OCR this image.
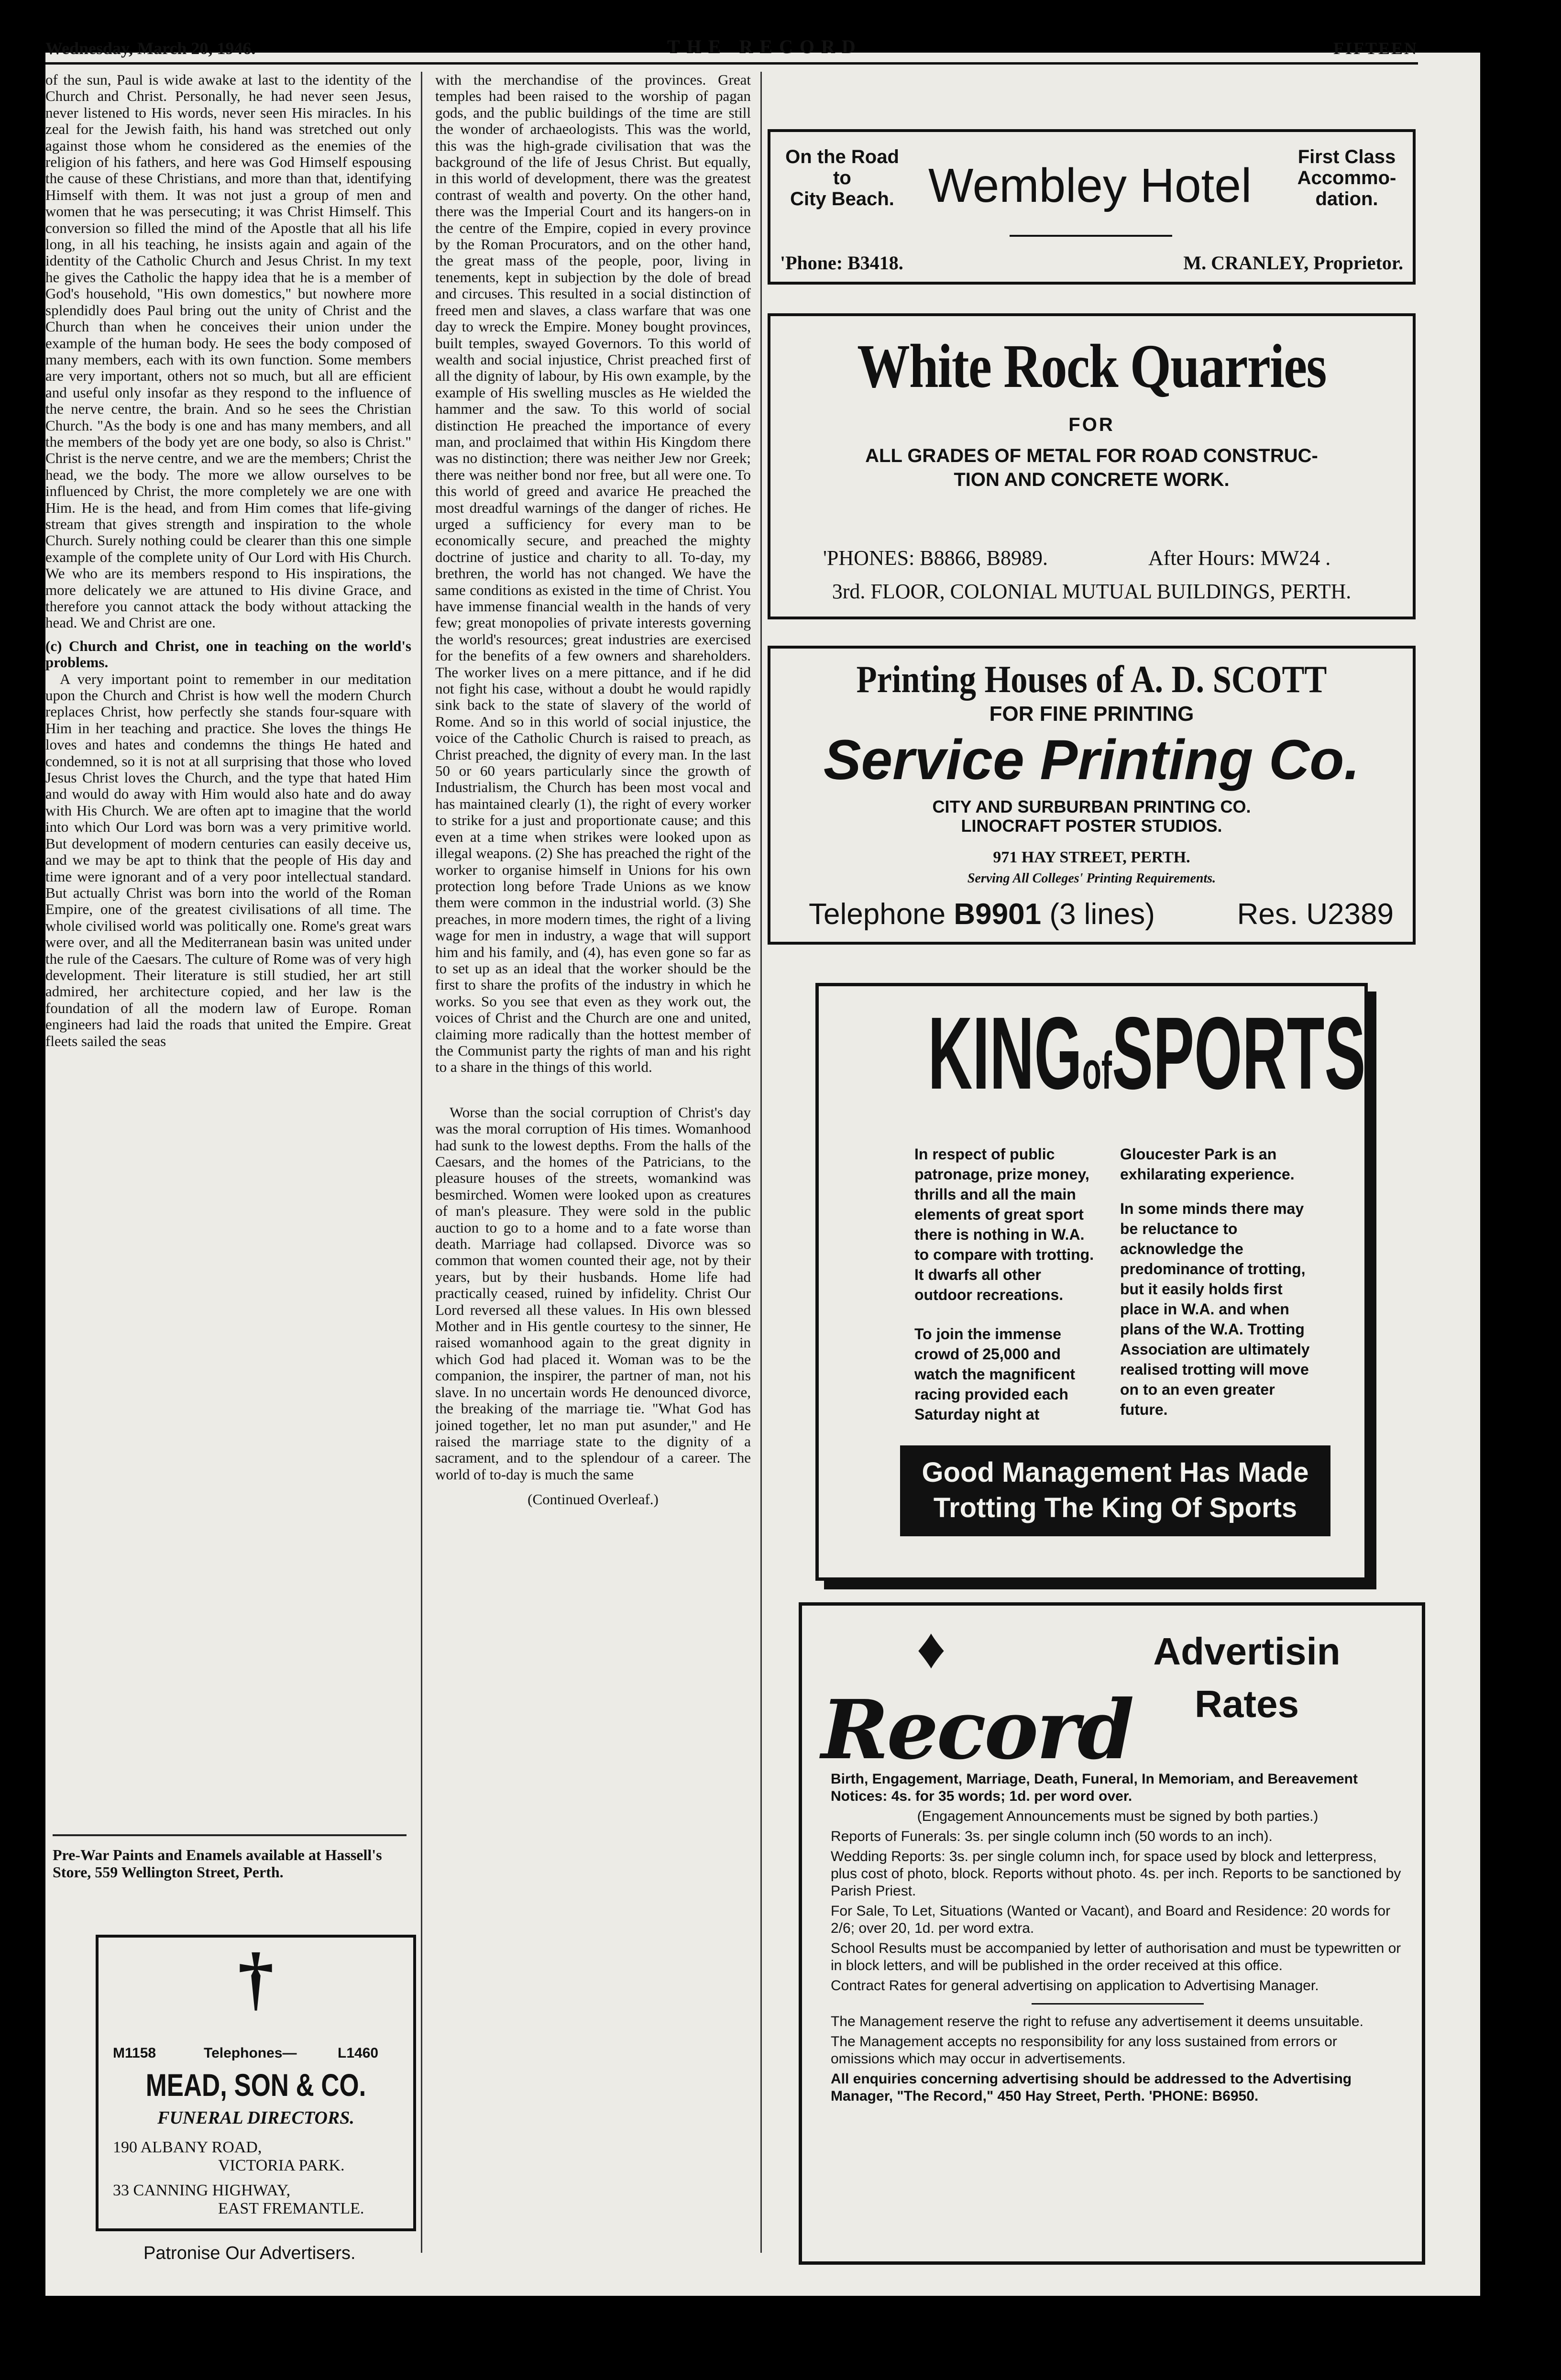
Wednesday, March 20, 1946.	THE RECORD	FIFTEEN

of the sun, Paul is wide awake at last to the identity of the Church and Christ. Personally, he had never seen Jesus, never listened to His words, never seen His miracles. In his zeal for the Jewish faith, his hand was stretched out only against those whom he considered as the enemies of the religion of his fathers, and here was God Himself espousing the cause of these Christians, and more than that, identifying Himself with them. It was not just a group of men and women that he was persecuting; it was Christ Himself. This conversion so filled the mind of the Apostle that all his life long, in all his teaching, he insists again and again of the identity of the Catholic Church and Jesus Christ. In my text he gives the Catholic the happy idea that he is a member of God's household, "His own domestics," but nowhere more splendidly does Paul bring out the unity of Christ and the Church than when he conceives their union under the example of the human body. He sees the body composed of many members, each with its own function. Some members are very important, others not so much, but all are efficient and useful only insofar as they respond to the influence of the nerve centre, the brain. And so he sees the Christian Church. "As the body is one and has many members, and all the members of the body yet are one body, so also is Christ." Christ is the nerve centre, and we are the members; Christ the head, we the body. The more we allow ourselves to be influenced by Christ, the more completely we are one with Him. He is the head, and from Him comes that life-giving stream that gives strength and inspiration to the whole Church. Surely nothing could be clearer than this one simple example of the complete unity of Our Lord with His Church. We who are its members respond to His inspirations, the more delicately we are attuned to His divine Grace, and therefore you cannot attack the body without attacking the head. We and Christ are one.

(c) Church and Christ, one in teaching on the world's problems.

A very important point to remember in our meditation upon the Church and Christ is how well the modern Church replaces Christ, how perfectly she stands four-square with Him in her teaching and practice. She loves the things He loves and hates and condemns the things He hated and condemned, so it is not at all surprising that those who loved Jesus Christ loves the Church, and the type that hated Him and would do away with Him would also hate and do away with His Church. We are often apt to imagine that the world into which Our Lord was born was a very primitive world. But development of modern centuries can easily deceive us, and we may be apt to think that the people of His day and time were ignorant and of a very poor intellectual standard. But actually Christ was born into the world of the Roman Empire, one of the greatest civilisations of all time. The whole civilised world was politically one. Rome's great wars were over, and all the Mediterranean basin was united under the rule of the Caesars. The culture of Rome was of very high development. Their literature is still studied, her art still admired, her architecture copied, and her law is the foundation of all the modern law of Europe. Roman engineers had laid the roads that united the Empire. Great fleets sailed the seas

Pre-War Paints and Enamels available at Hassell's Store, 559 Wellington Street, Perth.
†
M1158	Telephones—	L1460
MEAD, SON & CO.
FUNERAL DIRECTORS.
190 ALBANY ROAD,
VICTORIA PARK.
33 CANNING HIGHWAY,
EAST FREMANTLE.
Patronise Our Advertisers.

with the merchandise of the provinces. Great temples had been raised to the worship of pagan gods, and the public buildings of the time are still the wonder of archaeologists. This was the world, this was the high-grade civilisation that was the background of the life of Jesus Christ. But equally, in this world of development, there was the greatest contrast of wealth and poverty. On the other hand, there was the Imperial Court and its hangers-on in the centre of the Empire, copied in every province by the Roman Procurators, and on the other hand, the great mass of the people, poor, living in tenements, kept in subjection by the dole of bread and circuses. This resulted in a social distinction of freed men and slaves, a class warfare that was one day to wreck the Empire. Money bought provinces, built temples, swayed Governors. To this world of wealth and social injustice, Christ preached first of all the dignity of labour, by His own example, by the example of His swelling muscles as He wielded the hammer and the saw. To this world of social distinction He preached the importance of every man, and proclaimed that within His Kingdom there was no distinction; there was neither Jew nor Greek; there was neither bond nor free, but all were one. To this world of greed and avarice He preached the most dreadful warnings of the danger of riches. He urged a sufficiency for every man to be economically secure, and preached the mighty doctrine of justice and charity to all. To-day, my brethren, the world has not changed. We have the same conditions as existed in the time of Christ. You have immense financial wealth in the hands of very few; great monopolies of private interests governing the world's resources; great industries are exercised for the benefits of a few owners and shareholders. The worker lives on a mere pittance, and if he did not fight his case, without a doubt he would rapidly sink back to the state of slavery of the world of Rome. And so in this world of social injustice, the voice of the Catholic Church is raised to preach, as Christ preached, the dignity of every man. In the last 50 or 60 years particularly since the growth of Industrialism, the Church has been most vocal and has maintained clearly (1), the right of every worker to strike for a just and proportionate cause; and this even at a time when strikes were looked upon as illegal weapons. (2) She has preached the right of the worker to organise himself in Unions for his own protection long before Trade Unions as we know them were common in the industrial world. (3) She preaches, in more modern times, the right of a living wage for men in industry, a wage that will support him and his family, and (4), has even gone so far as to set up as an ideal that the worker should be the first to share the profits of the industry in which he works. So you see that even as they work out, the voices of Christ and the Church are one and united, claiming more radically than the hottest member of the Communist party the rights of man and his right to a share in the things of this world.

Worse than the social corruption of Christ's day was the moral corruption of His times. Womanhood had sunk to the lowest depths. From the halls of the Caesars, and the homes of the Patricians, to the pleasure houses of the streets, womankind was besmirched. Women were looked upon as creatures of man's pleasure. They were sold in the public auction to go to a home and to a fate worse than death. Marriage had collapsed. Divorce was so common that women counted their age, not by their years, but by their husbands. Home life had practically ceased, ruined by infidelity. Christ Our Lord reversed all these values. In His own blessed Mother and in His gentle courtesy to the sinner, He raised womanhood again to the great dignity in which God had placed it. Woman was to be the companion, the inspirer, the partner of man, not his slave. In no uncertain words He denounced divorce, the breaking of the marriage tie. "What God has joined together, let no man put asunder," and He raised the marriage state to the dignity of a sacrament, and to the splendour of a career. The world of to-day is much the same

(Continued Overleaf.)

On the Road
to
City Beach. Wembley Hotel
First Class
Accommo-
dation.
'Phone: B3418.	M. CRANLEY, Proprietor.
White Rock Quarries
FOR
ALL GRADES OF METAL FOR ROAD CONSTRUC-
TION AND CONCRETE WORK.
'PHONES: B8866, B8989.	After Hours: MW24 .
3rd. FLOOR, COLONIAL MUTUAL BUILDINGS, PERTH.
Printing Houses of A. D. SCOTT
FOR FINE PRINTING
Service Printing Co.
CITY AND SURBURBAN PRINTING CO.
LINOCRAFT POSTER STUDIOS.
971 HAY STREET, PERTH.
Serving All Colleges' Printing Requirements.
Telephone B9901 (3 lines)	Res. U2389
KINGofSPORTS
In respect of public patronage, prize money, thrills and all the main elements of great sport there is nothing in W.A. to compare with trotting. It dwarfs all other outdoor recreations.
To join the immense crowd of 25,000 and watch the magnificent racing provided each Saturday night at
Gloucester Park is an exhilarating experience.
In some minds there may be reluctance to acknowledge the predominance of trotting, but it easily holds first place in W.A. and when plans of the W.A. Trotting Association are ultimately realised trotting will move on to an even greater future.
Good Management Has Made
Trotting The King Of Sports
♦
Record
Advertisin
Rates

Birth, Engagement, Marriage, Death, Funeral, In Memoriam, and Bereavement Notices: 4s. for 35 words; 1d. per word over.

(Engagement Announcements must be signed by both parties.)

Reports of Funerals: 3s. per single column inch (50 words to an inch).

Wedding Reports: 3s. per single column inch, for space used by block and letterpress, plus cost of photo, block. Reports without photo. 4s. per inch. Reports to be sanctioned by Parish Priest.

For Sale, To Let, Situations (Wanted or Vacant), and Board and Residence: 20 words for 2/6; over 20, 1d. per word extra.

School Results must be accompanied by letter of authorisation and must be typewritten or in block letters, and will be published in the order received at this office.

Contract Rates for general advertising on application to Advertising Manager.

The Management reserve the right to refuse any advertisement it deems unsuitable.

The Management accepts no responsibility for any loss sustained from errors or omissions which may occur in advertisements.

All enquiries concerning advertising should be addressed to the Advertising Manager, "The Record," 450 Hay Street, Perth. 'PHONE: B6950.
